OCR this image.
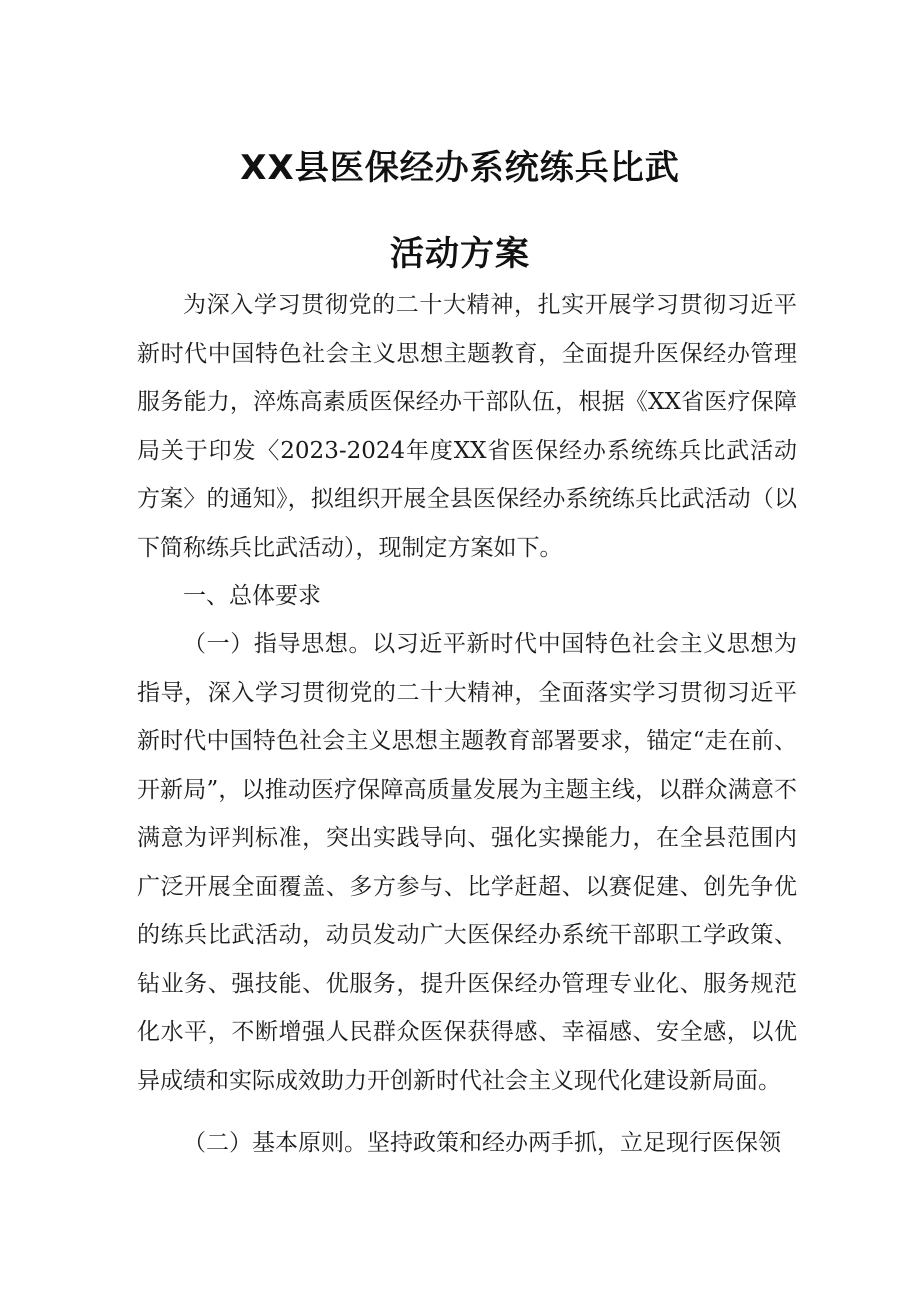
XX县医保经办系统练兵比武
活动方案

为深入学习贯彻党的二十大精神，扎实开展学习贯彻习近平新时代中国特色社会主义思想主题教育，全面提升医保经办管理服务能力，淬炼高素质医保经办干部队伍，根据《XX省医疗保障局关于印发〈2023-2024年度XX省医保经办系统练兵比武活动方案〉的通知》，拟组织开展全县医保经办系统练兵比武活动（以下简称练兵比武活动），现制定方案如下。

一、总体要求

（一）指导思想。以习近平新时代中国特色社会主义思想为指导，深入学习贯彻党的二十大精神，全面落实学习贯彻习近平新时代中国特色社会主义思想主题教育部署要求，锚定“走在前、开新局”，以推动医疗保障高质量发展为主题主线，以群众满意不满意为评判标准，突出实践导向、强化实操能力，在全县范围内广泛开展全面覆盖、多方参与、比学赶超、以赛促建、创先争优的练兵比武活动，动员发动广大医保经办系统干部职工学政策、钻业务、强技能、优服务，提升医保经办管理专业化、服务规范化水平，不断增强人民群众医保获得感、幸福感、安全感，以优异成绩和实际成效助力开创新时代社会主义现代化建设新局面。

（二）基本原则。坚持政策和经办两手抓，立足现行医保领
